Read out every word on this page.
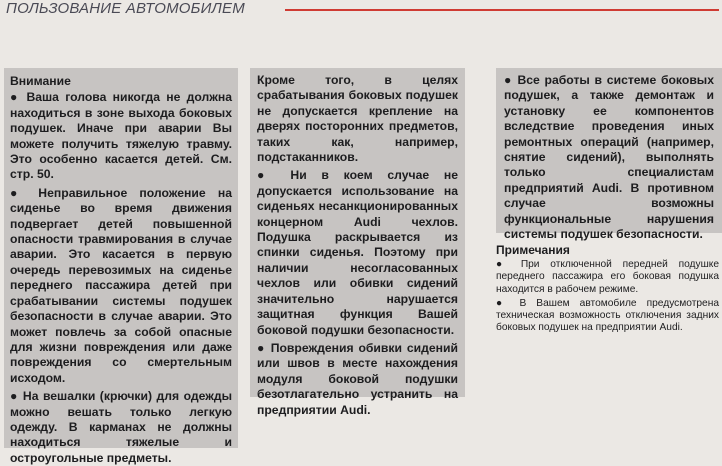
ПОЛЬЗОВАНИЕ АВТОМОБИЛЕМ

Внимание

● Ваша голова никогда не должна находиться в зоне выхода боковых подушек. Иначе при аварии Вы можете получить тяжелую травму. Это особенно касается детей. См. стр. 50.

● Неправильное положение на сиденье во время движения подвергает детей повышенной опасности травмирования в случае аварии. Это касается в первую очередь перевозимых на сиденье переднего пассажира детей при срабатывании системы подушек безопасности в случае аварии. Это может повлечь за собой опасные для жизни повреждения или даже повреждения со смертельным исходом.

● На вешалки (крючки) для одежды можно вешать только легкую одежду. В карманах не должны находиться тяжелые и остроугольные предметы.

Кроме того, в целях срабатывания боковых подушек не допускается крепление на дверях посторонних предметов, таких как, например, подстаканников.

● Ни в коем случае не допускается использование на сиденьях несанкционированных концерном Audi чехлов. Подушка раскрывается из спинки сиденья. Поэтому при наличии несогласованных чехлов или обивки сидений значительно нарушается защитная функция Вашей боковой подушки безопасности.

● Повреждения обивки сидений или швов в месте нахождения модуля боковой подушки безотлагательно устранить на предприятии Audi.

● Все работы в системе боковых подушек, а также демонтаж и установку ее компонентов вследствие проведения иных ремонтных операций (например, снятие сидений), выполнять только специалистам предприятий Audi. В противном случае возможны функциональные нарушения системы подушек безопасности.

Примечания

● При отключенной передней подушке переднего пассажира его боковая подушка находится в рабочем режиме.

● В Вашем автомобиле предусмотрена техническая возможность отключения задних боковых подушек на предприятии Audi.
